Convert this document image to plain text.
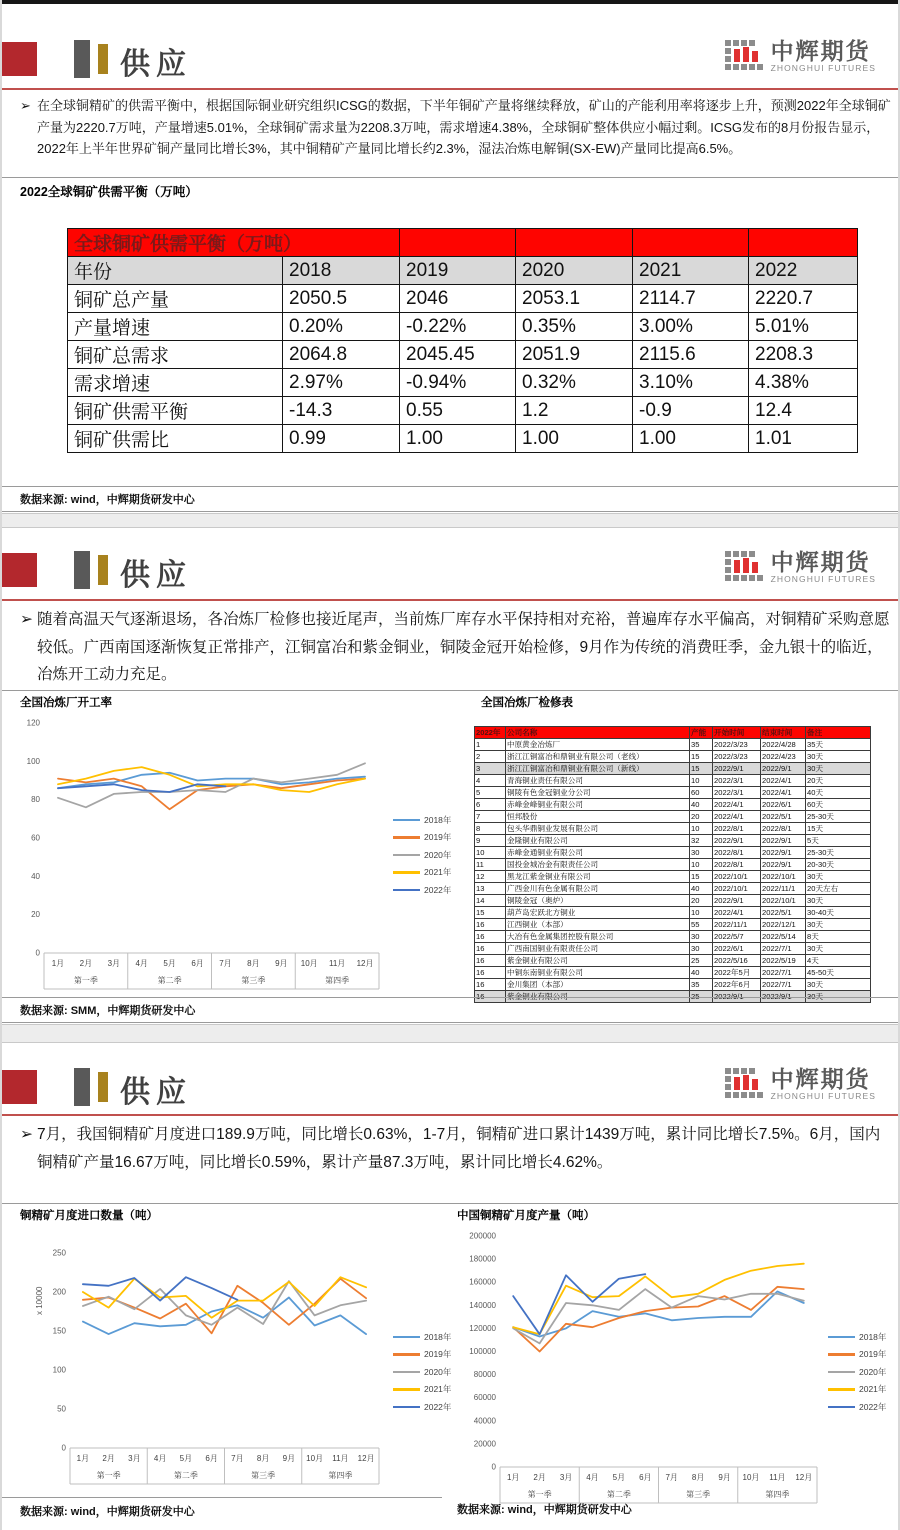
供应	中辉期货
ZHONGHUI FUTURES
➢ 在全球铜精矿的供需平衡中，根据国际铜业研究组织ICSG的数据，下半年铜矿产量将继续释放，矿山的产能利用率将逐步上升，预测2022年全球铜矿产量为2220.7万吨，产量增速5.01%，全球铜矿需求量为2208.3万吨，需求增速4.38%，全球铜矿整体供应小幅过剩。ICSG发布的8月份报告显示，2022年上半年世界矿铜产量同比增长3%，其中铜精矿产量同比增长约2.3%，湿法冶炼电解铜(SX-EW)产量同比提高6.5%。
2022全球铜矿供需平衡（万吨）
全球铜矿供需平衡（万吨）					
年份	2018	2019	2020	2021	2022
铜矿总产量	2050.5	2046	2053.1	2114.7	2220.7
产量增速	0.20%	-0.22%	0.35%	3.00%	5.01%
铜矿总需求	2064.8	2045.45	2051.9	2115.6	2208.3
需求增速	2.97%	-0.94%	0.32%	3.10%	4.38%
铜矿供需平衡	-14.3	0.55	1.2	-0.9	12.4
铜矿供需比	0.99	1.00	1.00	1.00	1.01
数据来源: wind，中辉期货研发中心
供应	中辉期货
ZHONGHUI FUTURES
➢ 随着高温天气逐渐退场，各冶炼厂检修也接近尾声，当前炼厂库存水平保持相对充裕，普遍库存水平偏高，对铜精矿采购意愿较低。广西南国逐渐恢复正常排产，江铜富冶和紫金铜业，铜陵金冠开始检修，9月作为传统的消费旺季，金九银十的临近，冶炼开工动力充足。
全国冶炼厂开工率	全国冶炼厂检修表
0
20
40
60
80
100
120
1月 2月 3月 4月 5月 6月 7月 8月 9月 10月 11月 12月
第一季	第二季	第三季	第四季
2018年
2019年
2020年
2021年
2022年
2022年	公司名称	产能	开始时间	结束时间	备注
1	中原黄金冶炼厂	35	2022/3/23	2022/4/28	35天
2	浙江江铜富冶和鼎铜业有限公司（老线）	15	2022/3/23	2022/4/23	30天
3	浙江江铜富冶和鼎铜业有限公司（新线）	15	2022/9/1	2022/9/1	30天
4	青海铜业责任有限公司	10	2022/3/1	2022/4/1	20天
5	铜陵有色金冠铜业分公司	60	2022/3/1	2022/4/1	40天
6	赤峰金峰铜业有限公司	40	2022/4/1	2022/6/1	60天
7	恒邦股份	20	2022/4/1	2022/5/1	25-30天
8	包头华鼎铜业发展有限公司	10	2022/8/1	2022/8/1	15天
9	金隆铜业有限公司	32	2022/9/1	2022/9/1	5天
10	赤峰金通铜业有限公司	30	2022/8/1	2022/9/1	25-30天
11	国投金城冶金有限责任公司	10	2022/8/1	2022/9/1	20-30天
12	黑龙江紫金铜业有限公司	15	2022/10/1	2022/10/1	30天
13	广西金川有色金属有限公司	40	2022/10/1	2022/11/1	20天左右
14	铜陵金冠（奥炉）	20	2022/9/1	2022/10/1	30天
15	葫芦岛宏跃北方铜业	10	2022/4/1	2022/5/1	30-40天
16	江西铜业（本部）	55	2022/11/1	2022/12/1	30天
16	大冶有色金属集团控股有限公司	30	2022/5/7	2022/5/14	8天
16	广西南国铜业有限责任公司	30	2022/6/1	2022/7/1	30天
16	紫金铜业有限公司	25	2022/5/16	2022/5/19	4天
16	中铜东南铜业有限公司	40	2022年5月	2022/7/1	45-50天
16	金川集团（本部）	35	2022年6月	2022/7/1	30天
16	紫金铜业有限公司	25	2022/9/1	2022/9/1	30天
数据来源: SMM，中辉期货研发中心
供应	中辉期货
ZHONGHUI FUTURES
➢ 7月，我国铜精矿月度进口189.9万吨，同比增长0.63%，1-7月，铜精矿进口累计1439万吨，累计同比增长7.5%。6月，国内铜精矿产量16.67万吨，同比增长0.59%，累计产量87.3万吨，累计同比增长4.62%。
铜精矿月度进口数量（吨）	中国铜精矿月度产量（吨）
0
50
100
150
200
250
x 10000
1月 2月 3月 4月 5月 6月 7月 8月 9月 10月 11月 12月
第一季	第二季	第三季	第四季
2018年
2019年
2020年
2021年
2022年
0
20000
40000
60000
80000
100000
120000
140000
160000
180000
200000
1月 2月 3月 4月 5月 6月 7月 8月 9月 10月 11月 12月
第一季	第二季	第三季	第四季
2018年
2019年
2020年
2021年
2022年
数据来源: wind，中辉期货研发中心	数据来源: wind，中辉期货研发中心
